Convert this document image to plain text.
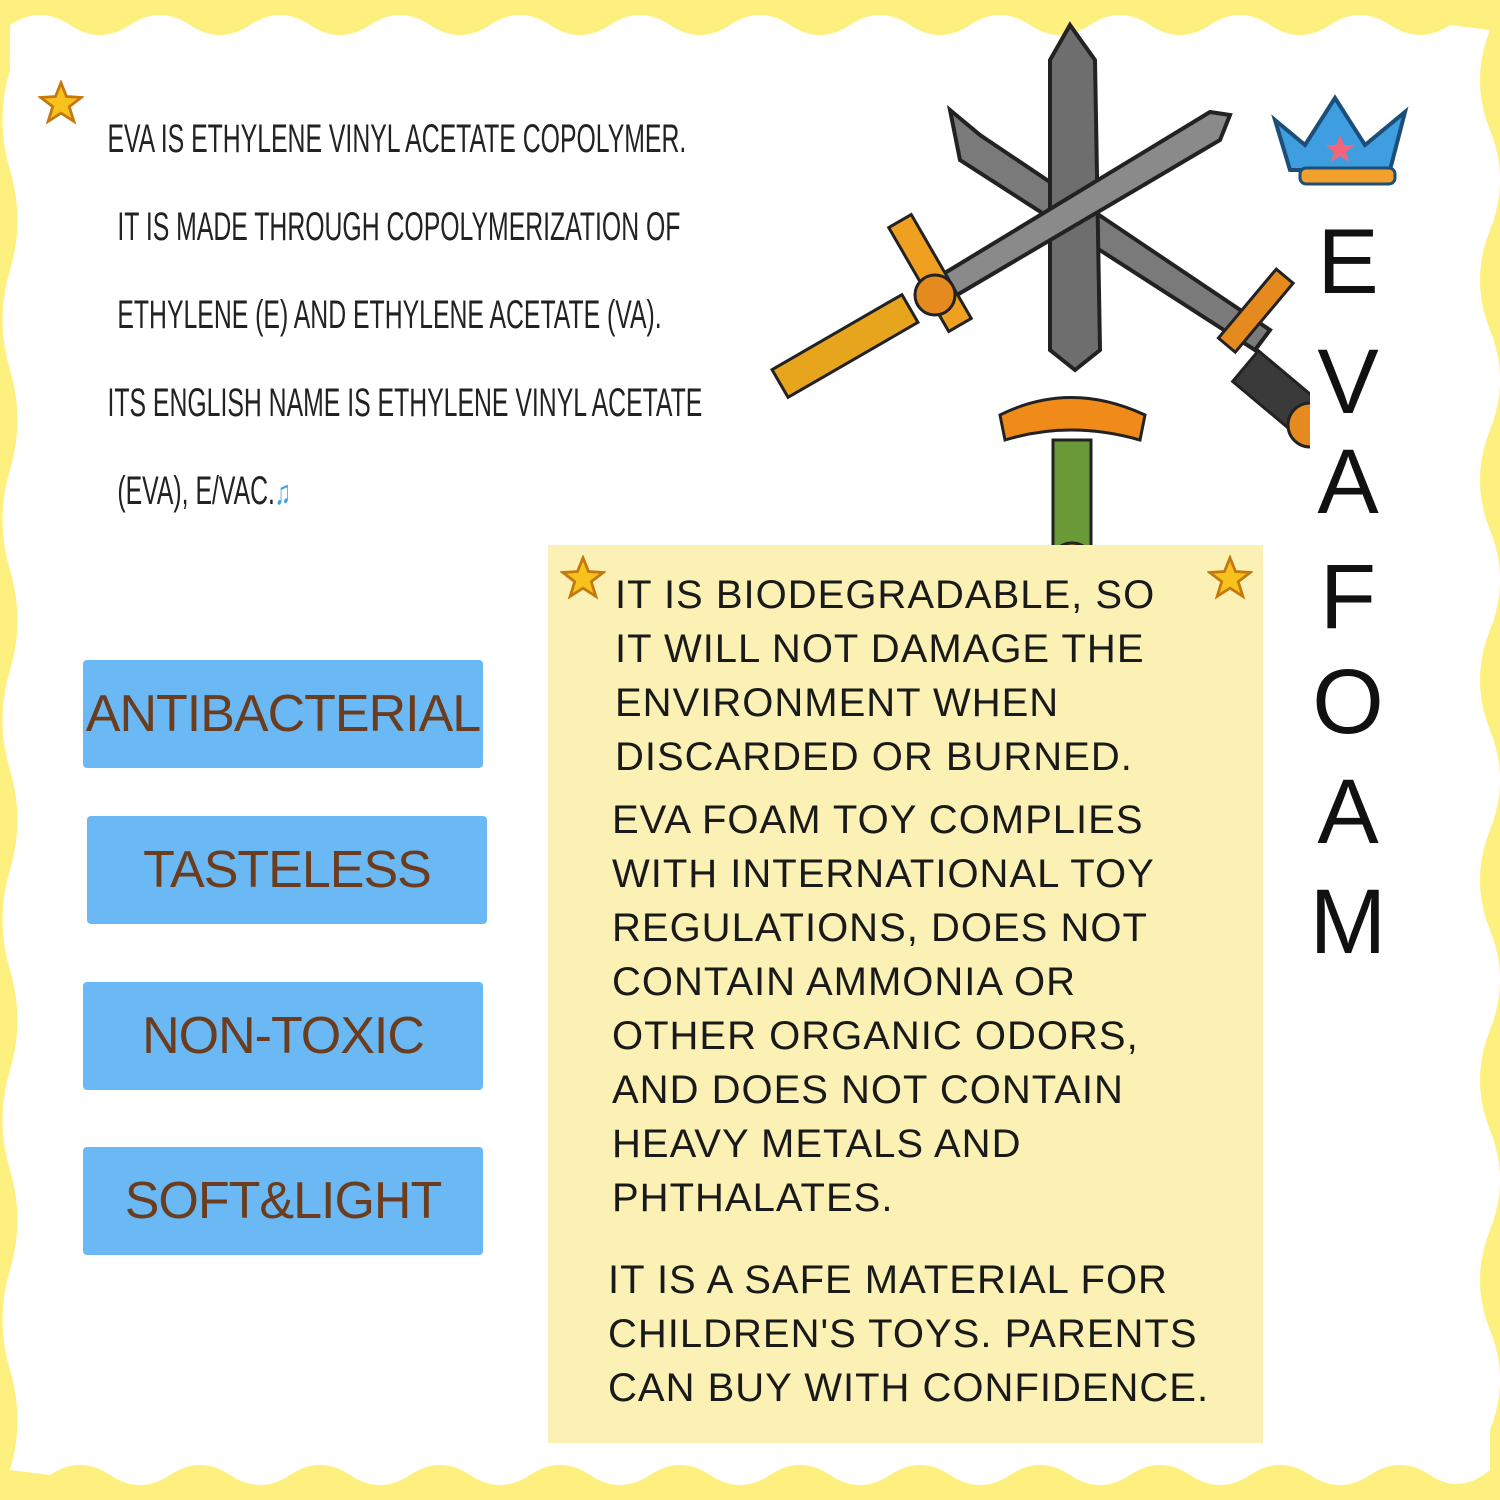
EVA IS ETHYLENE VINYL ACETATE COPOLYMER.
IT IS MADE THROUGH COPOLYMERIZATION OF
ETHYLENE (E) AND ETHYLENE ACETATE (VA).
ITS ENGLISH NAME IS ETHYLENE VINYL ACETATE
(EVA), E/VAC.♫
ANTIBACTERIAL
TASTELESS
NON-TOXIC
SOFT&LIGHT
IT IS BIODEGRADABLE, SO
IT WILL NOT DAMAGE THE
ENVIRONMENT WHEN
DISCARDED OR BURNED.
EVA FOAM TOY COMPLIES
WITH INTERNATIONAL TOY
REGULATIONS, DOES NOT
CONTAIN AMMONIA OR
OTHER ORGANIC ODORS,
AND DOES NOT CONTAIN
HEAVY METALS AND
PHTHALATES.
IT IS A SAFE MATERIAL FOR
CHILDREN'S TOYS. PARENTS
CAN BUY WITH CONFIDENCE.
E
V
A
F
O
A
M
